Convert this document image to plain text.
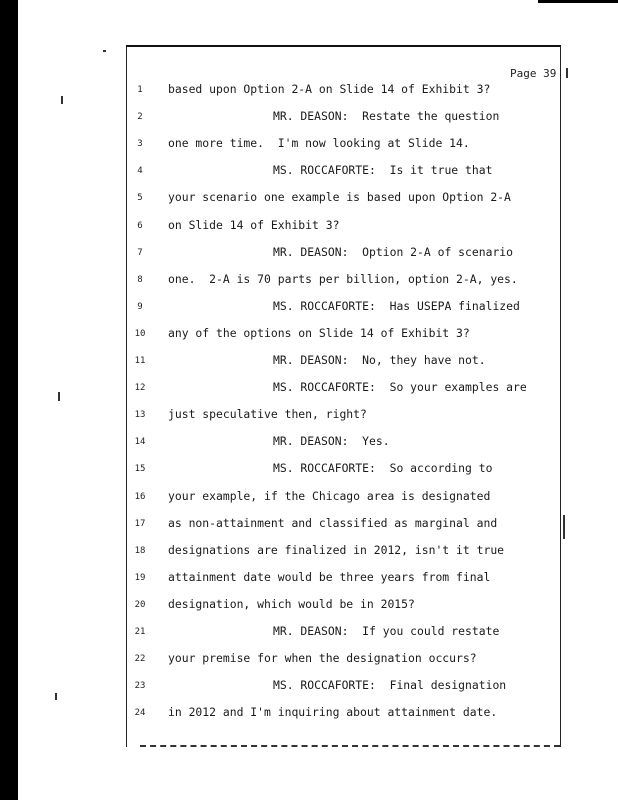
Page 39
1	based upon Option 2-A on Slide 14 of Exhibit 3?
2	MR. DEASON:  Restate the question
3	one more time.  I'm now looking at Slide 14.
4	MS. ROCCAFORTE:  Is it true that
5	your scenario one example is based upon Option 2-A
6	on Slide 14 of Exhibit 3?
7	MR. DEASON:  Option 2-A of scenario
8	one.  2-A is 70 parts per billion, option 2-A, yes.
9	MS. ROCCAFORTE:  Has USEPA finalized
10	any of the options on Slide 14 of Exhibit 3?
11	MR. DEASON:  No, they have not.
12	MS. ROCCAFORTE:  So your examples are
13	just speculative then, right?
14	MR. DEASON:  Yes.
15	MS. ROCCAFORTE:  So according to
16	your example, if the Chicago area is designated
17	as non-attainment and classified as marginal and
18	designations are finalized in 2012, isn't it true
19	attainment date would be three years from final
20	designation, which would be in 2015?
21	MR. DEASON:  If you could restate
22	your premise for when the designation occurs?
23	MS. ROCCAFORTE:  Final designation
24	in 2012 and I'm inquiring about attainment date.
